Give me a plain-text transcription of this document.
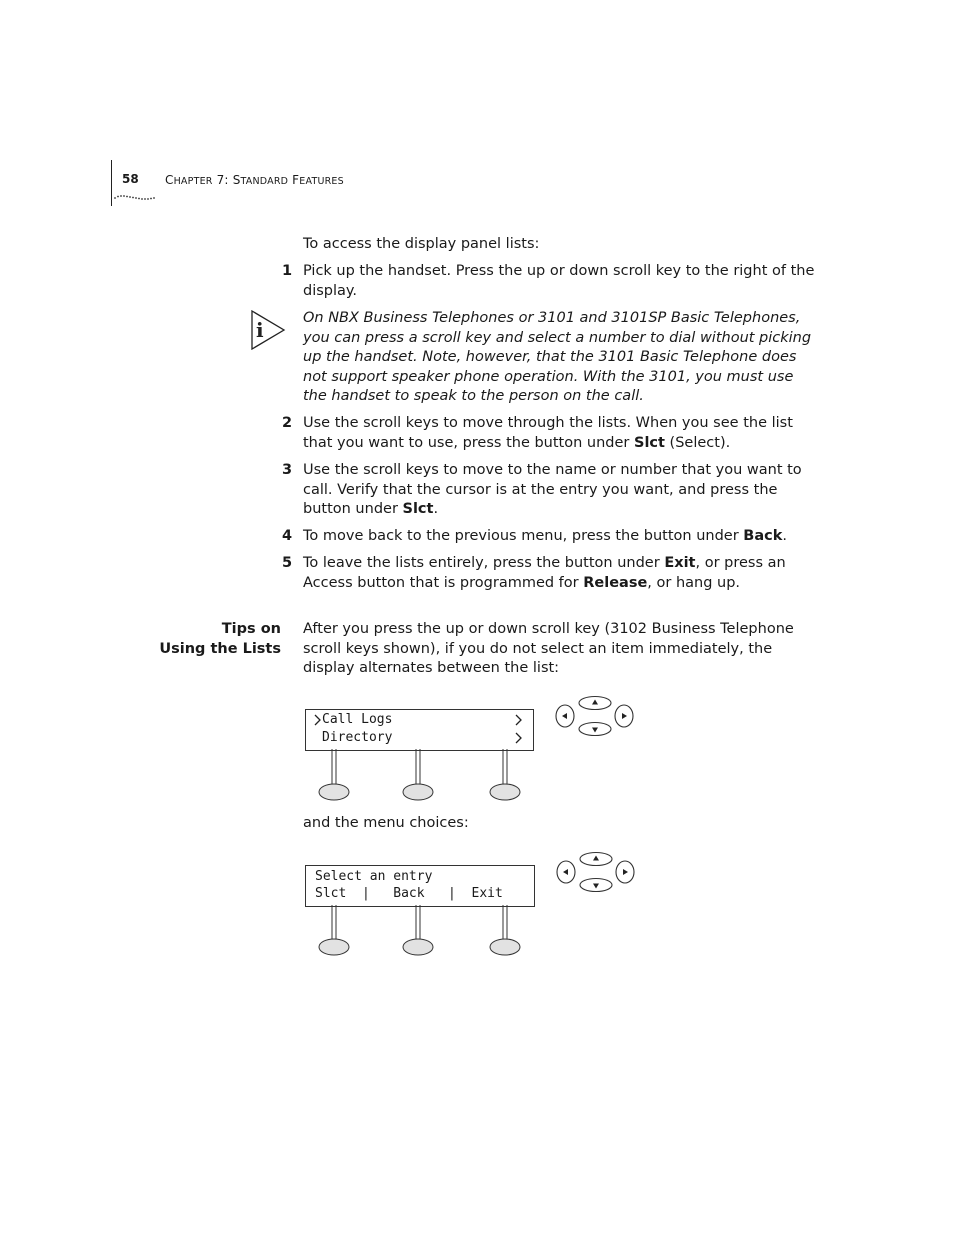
58 CHAPTER 7: STANDARD FEATURES
To access the display panel lists:
1 Pick up the handset. Press the up or down scroll key to the right of the display.
i	On NBX Business Telephones or 3101 and 3101SP Basic Telephones, you can press a scroll key and select a number to dial without picking up the handset. Note, however, that the 3101 Basic Telephone does not support speaker phone operation. With the 3101, you must use the handset to speak to the person on the call.
2 Use the scroll keys to move through the lists. When you see the list that you want to use, press the button under Slct (Select).
3 Use the scroll keys to move to the name or number that you want to call. Verify that the cursor is at the entry you want, and press the button under Slct.
4 To move back to the previous menu, press the button under Back.
5 To leave the lists entirely, press the button under Exit, or press an Access button that is programmed for Release, or hang up.
Tips on
Using the Lists
After you press the up or down scroll key (3102 Business Telephone scroll keys shown), if you do not select an item immediately, the display alternates between the list:
Call Logs
Directory
and the menu choices:
Select an entry
Slct  |   Back   |  Exit
